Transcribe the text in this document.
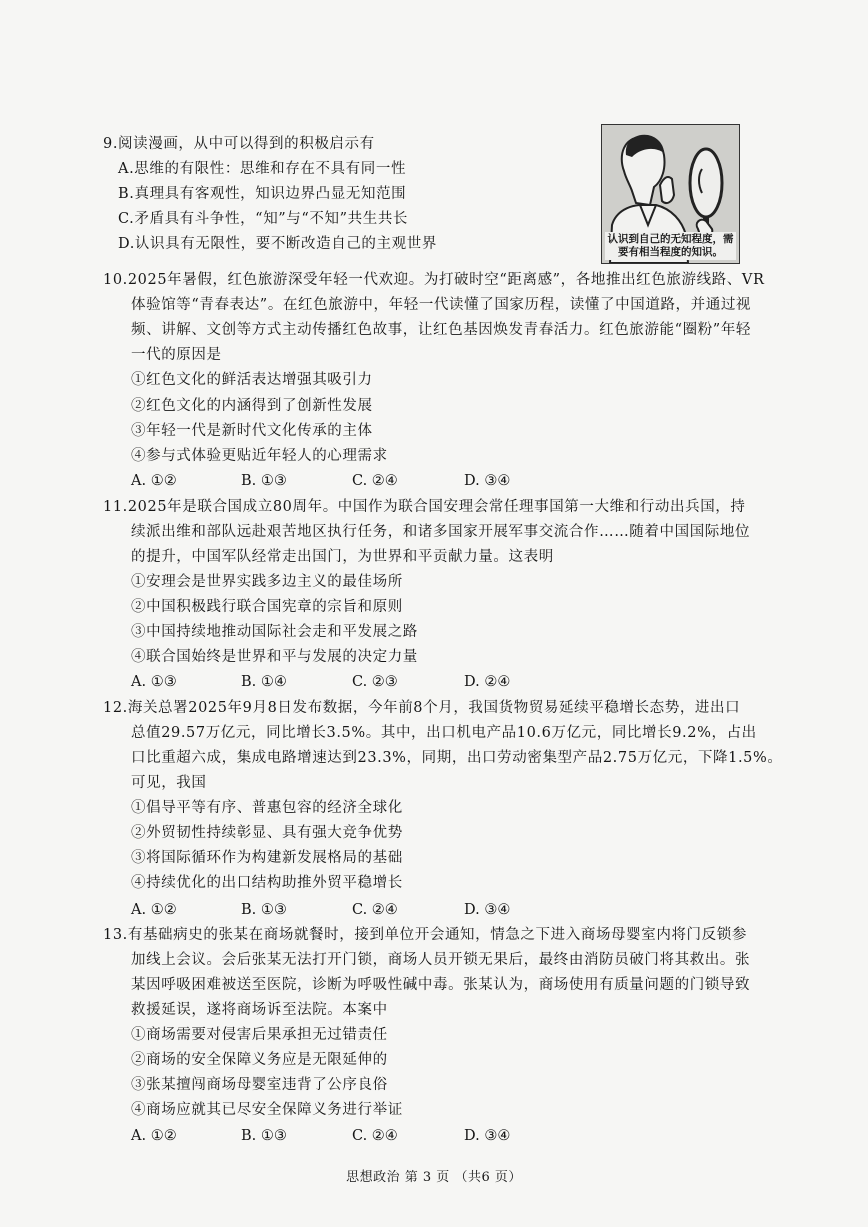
9.阅读漫画，从中可以得到的积极启示有
A.思维的有限性：思维和存在不具有同一性
B.真理具有客观性，知识边界凸显无知范围
C.矛盾具有斗争性，“知”与“不知”共生共长
D.认识具有无限性，要不断改造自己的主观世界	认识到自己的无知程度，需要有相当程度的知识。
10.2025年暑假，红色旅游深受年轻一代欢迎。为打破时空“距离感”，各地推出红色旅游线路、VR
体验馆等“青春表达”。在红色旅游中，年轻一代读懂了国家历程，读懂了中国道路，并通过视
频、讲解、文创等方式主动传播红色故事，让红色基因焕发青春活力。红色旅游能“圈粉”年轻
一代的原因是
①红色文化的鲜活表达增强其吸引力
②红色文化的内涵得到了创新性发展
③年轻一代是新时代文化传承的主体
④参与式体验更贴近年轻人的心理需求
A. ①②	B. ①③	C. ②④	D. ③④
11.2025年是联合国成立80周年。中国作为联合国安理会常任理事国第一大维和行动出兵国，持
续派出维和部队远赴艰苦地区执行任务，和诸多国家开展军事交流合作……随着中国国际地位
的提升，中国军队经常走出国门，为世界和平贡献力量。这表明
①安理会是世界实践多边主义的最佳场所
②中国积极践行联合国宪章的宗旨和原则
③中国持续地推动国际社会走和平发展之路
④联合国始终是世界和平与发展的决定力量
A. ①③	B. ①④	C. ②③	D. ②④
12.海关总署2025年9月8日发布数据，今年前8个月，我国货物贸易延续平稳增长态势，进出口
总值29.57万亿元，同比增长3.5%。其中，出口机电产品10.6万亿元，同比增长9.2%，占出
口比重超六成，集成电路增速达到23.3%，同期，出口劳动密集型产品2.75万亿元，下降1.5%。
可见，我国
①倡导平等有序、普惠包容的经济全球化
②外贸韧性持续彰显、具有强大竞争优势
③将国际循环作为构建新发展格局的基础
④持续优化的出口结构助推外贸平稳增长
A. ①②	B. ①③	C. ②④	D. ③④
13.有基础病史的张某在商场就餐时，接到单位开会通知，情急之下进入商场母婴室内将门反锁参
加线上会议。会后张某无法打开门锁，商场人员开锁无果后，最终由消防员破门将其救出。张
某因呼吸困难被送至医院，诊断为呼吸性碱中毒。张某认为，商场使用有质量问题的门锁导致
救援延误，遂将商场诉至法院。本案中
①商场需要对侵害后果承担无过错责任
②商场的安全保障义务应是无限延伸的
③张某擅闯商场母婴室违背了公序良俗
④商场应就其已尽安全保障义务进行举证
A. ①②	B. ①③	C. ②④	D. ③④
思想政治 第 3 页 （共6 页）
